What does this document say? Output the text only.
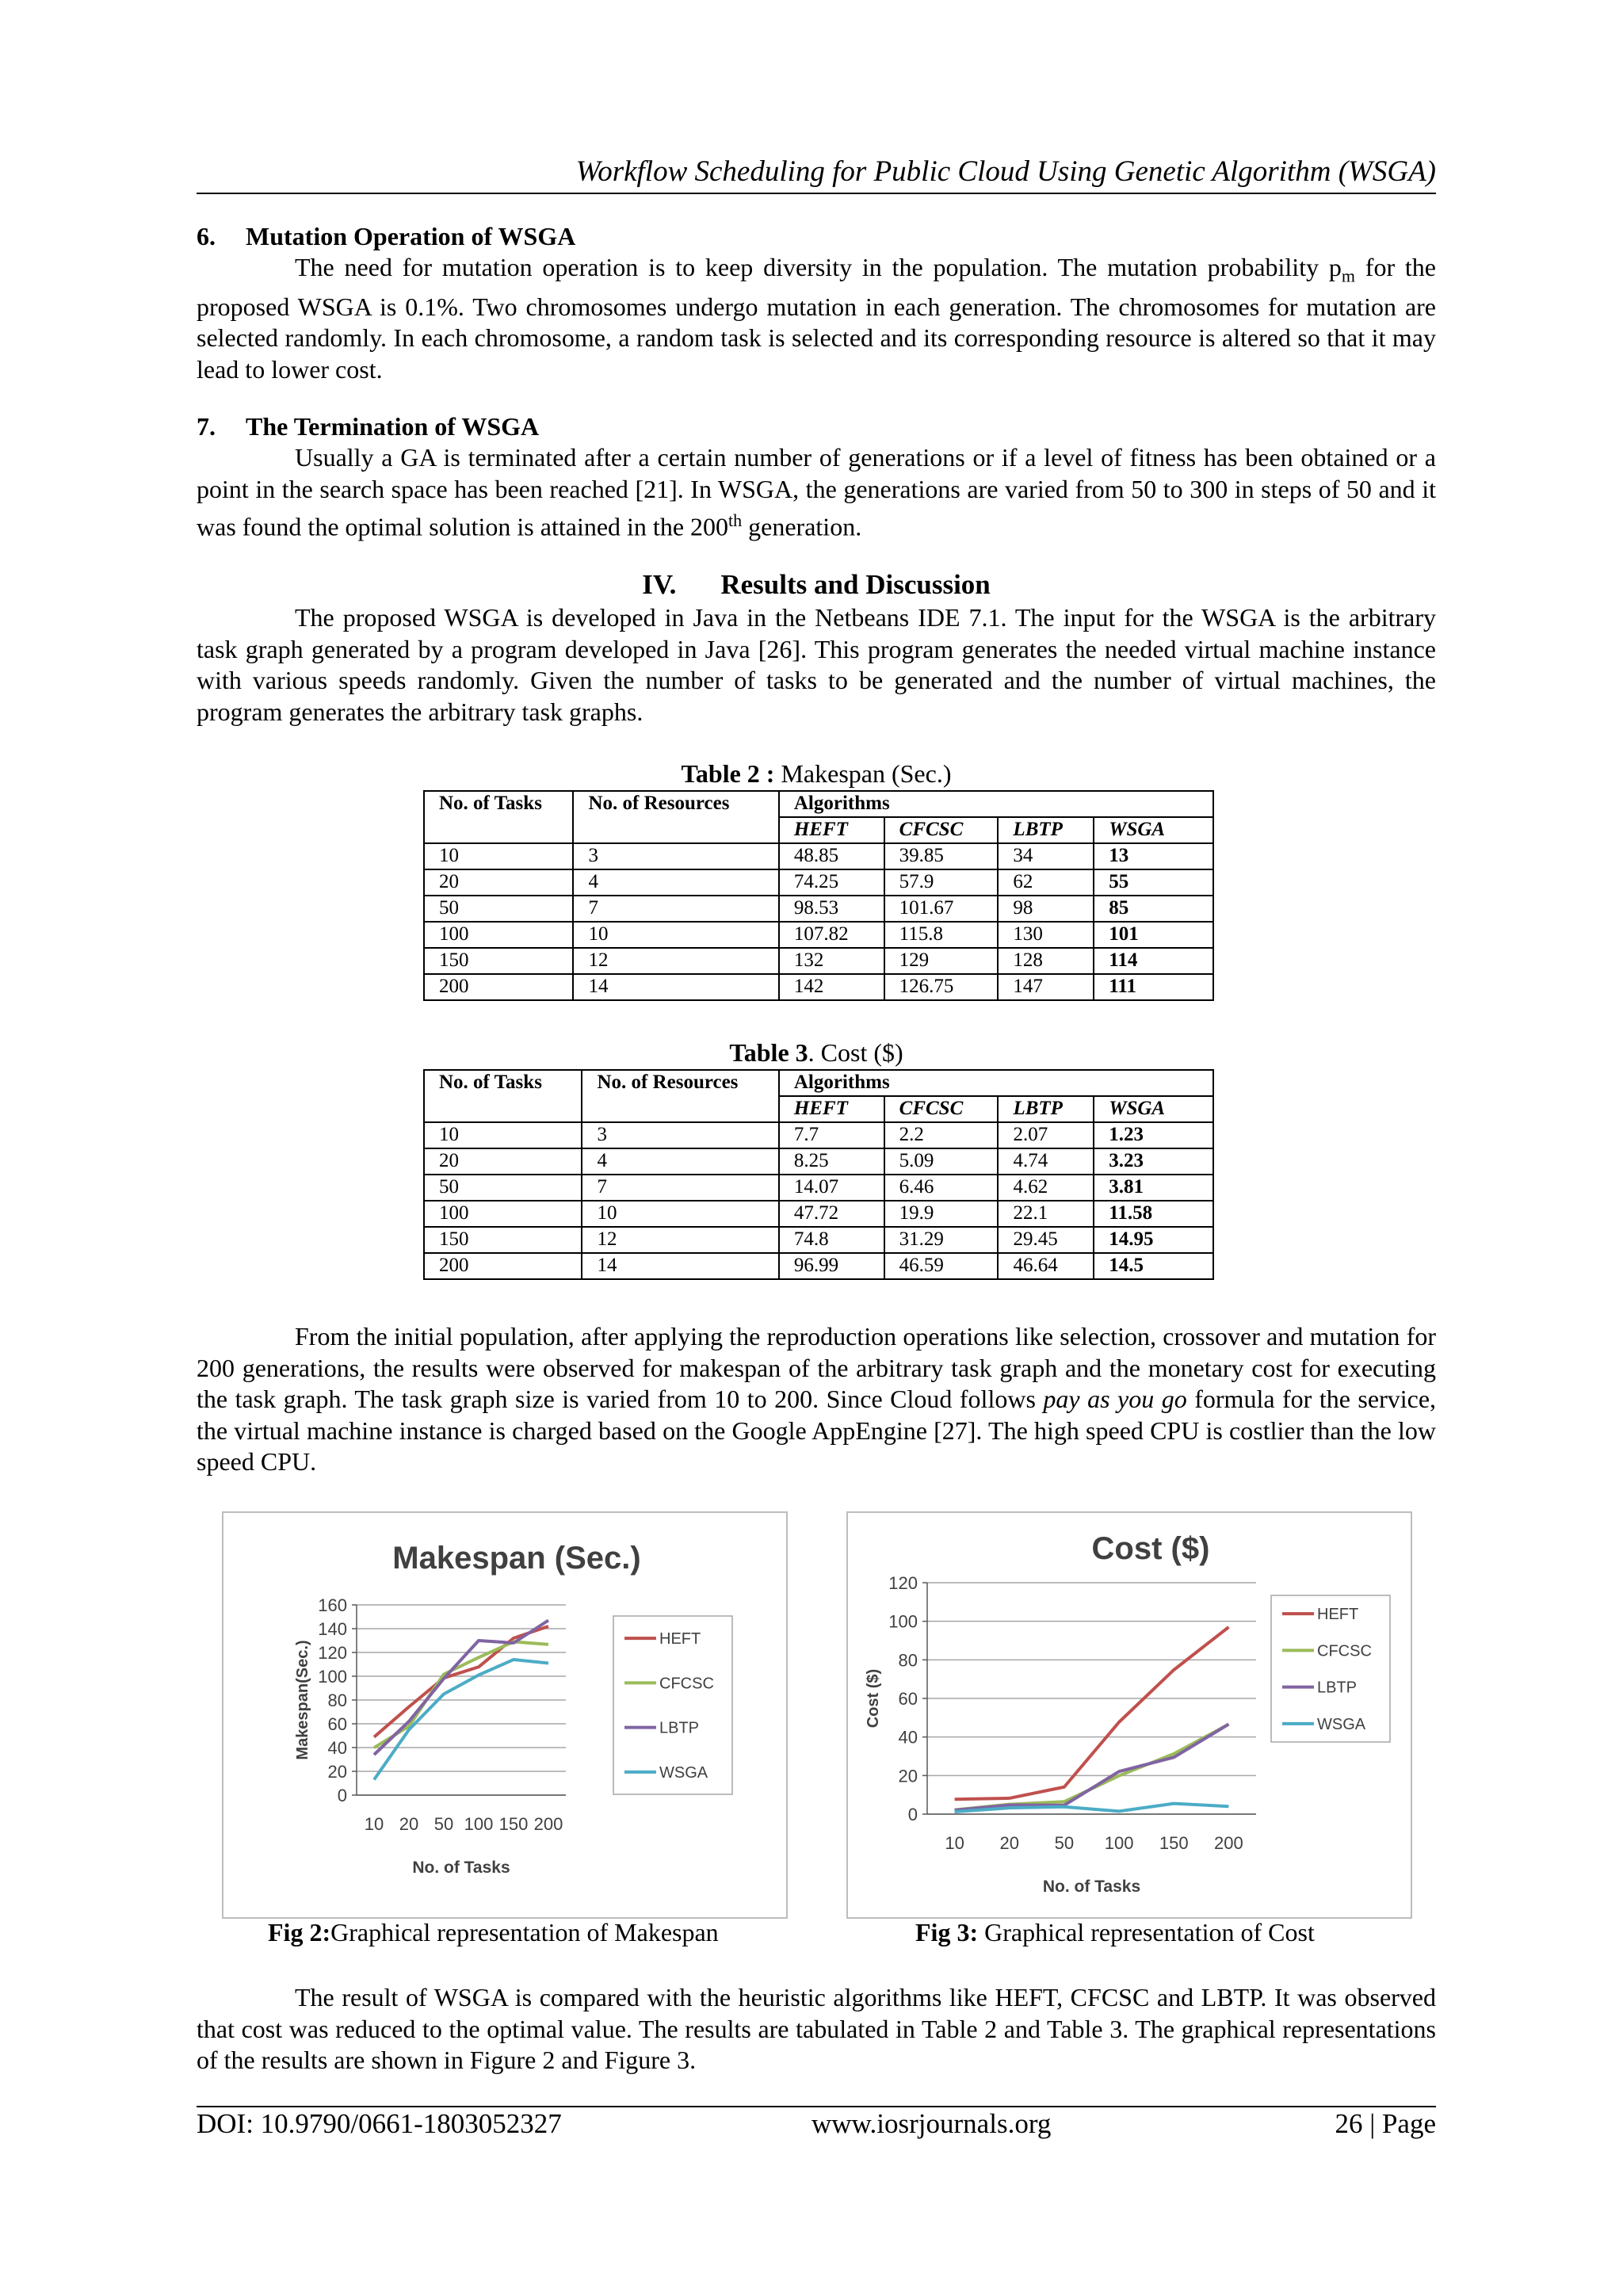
Workflow Scheduling for Public Cloud Using Genetic Algorithm (WSGA)
6. Mutation Operation of WSGA

The need for mutation operation is to keep diversity in the population. The mutation probability $p_m$ for the proposed WSGA is 0.1%. Two chromosomes undergo mutation in each generation. The chromosomes for mutation are selected randomly. In each chromosome, a random task is selected and its corresponding resource is altered so that it may lead to lower cost.

7. The Termination of WSGA

Usually a GA is terminated after a certain number of generations or if a level of fitness has been obtained or a point in the search space has been reached [21]. In WSGA, the generations are varied from 50 to 300 in steps of 50 and it was found the optimal solution is attained in the 200th generation.

IV. Results and Discussion

The proposed WSGA is developed in Java in the Netbeans IDE 7.1. The input for the WSGA is the arbitrary task graph generated by a program developed in Java [26]. This program generates the needed virtual machine instance with various speeds randomly. Given the number of tasks to be generated and the number of virtual machines, the program generates the arbitrary task graphs.

Table 2 : Makespan (Sec.)
No. of Tasks	No. of Resources	Algorithms			
		HEFT	CFCSC	LBTP	WSGA
10	3	48.85	39.85	34	13
20	4	74.25	57.9	62	55
50	7	98.53	101.67	98	85
100	10	107.82	115.8	130	101
150	12	132	129	128	114
200	14	142	126.75	147	111
Table 3. Cost ($)
No. of Tasks	No. of Resources	Algorithms			
		HEFT	CFCSC	LBTP	WSGA
10	3	7.7	2.2	2.07	1.23
20	4	8.25	5.09	4.74	3.23
50	7	14.07	6.46	4.62	3.81
100	10	47.72	19.9	22.1	11.58
150	12	74.8	31.29	29.45	14.95
200	14	96.99	46.59	46.64	14.5

From the initial population, after applying the reproduction operations like selection, crossover and mutation for 200 generations, the results were observed for makespan of the arbitrary task graph and the monetary cost for executing the task graph. The task graph size is varied from 10 to 200. Since Cloud follows pay as you go formula for the service, the virtual machine instance is charged based on the Google AppEngine [27]. The high speed CPU is costlier than the low speed CPU.

Makespan (Sec.)
0
20
40
60
80
100
120
140
160
10 20 50 100 150 200
No. of Tasks
Makespan(Sec.)
HEFT
CFCSC
LBTP
WSGA
Cost ($)
0
20
40
60
80
100
120
10 20 50 100 150 200
No. of Tasks
Cost ($)
HEFT
CFCSC
LBTP
WSGA
Fig 2:Graphical representation of Makespan	Fig 3: Graphical representation of Cost

The result of WSGA is compared with the heuristic algorithms like HEFT, CFCSC and LBTP. It was observed that cost was reduced to the optimal value. The results are tabulated in Table 2 and Table 3. The graphical representations of the results are shown in Figure 2 and Figure 3.

DOI: 10.9790/0661-1803052327	www.iosrjournals.org	26 | Page
